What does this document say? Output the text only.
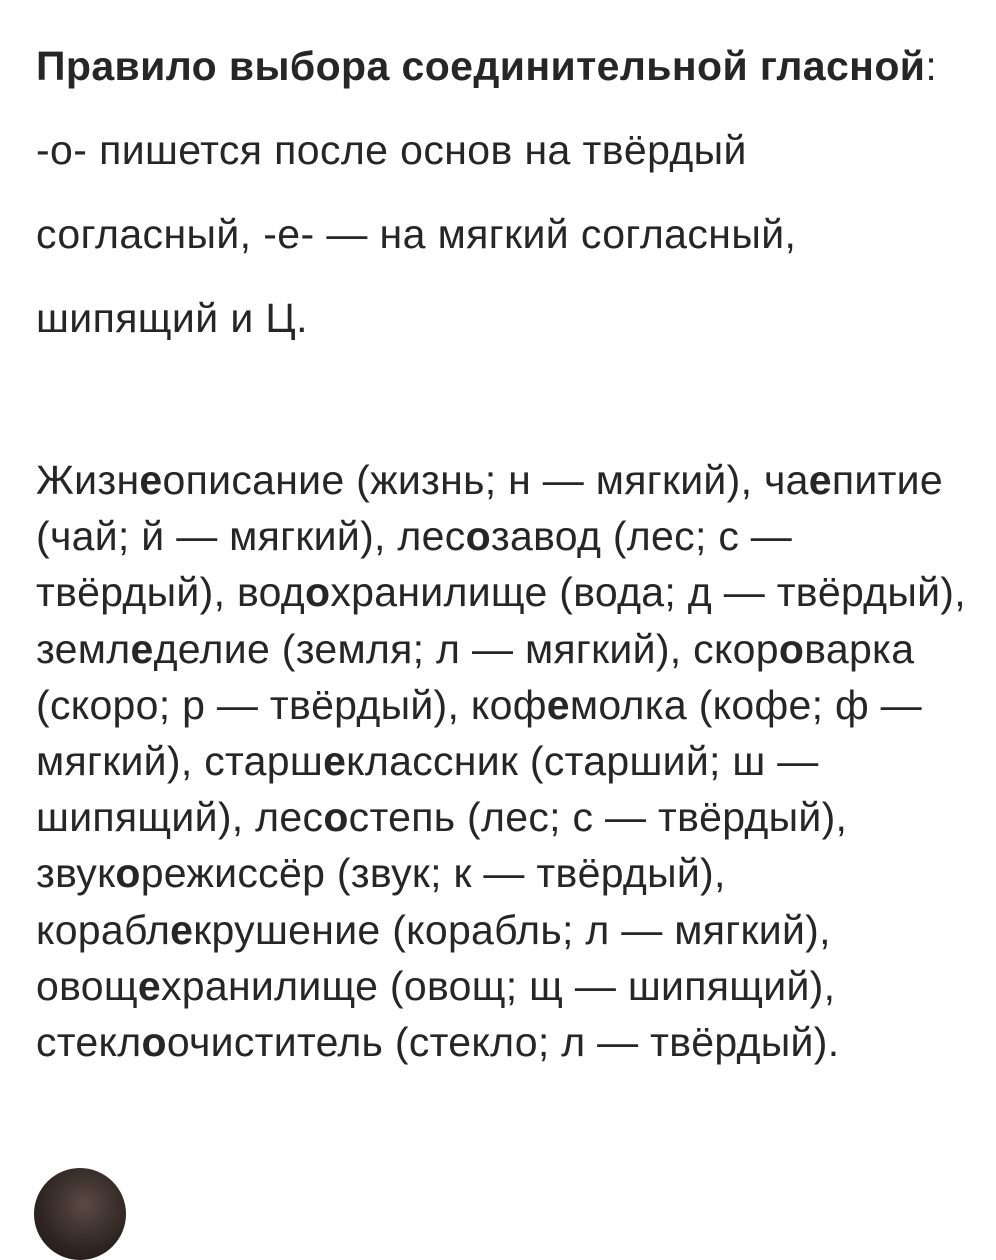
Правило выбора соединительной гласной: -о- пишется после основ на твёрдый согласный, -е- — на мягкий согласный, шипящий и Ц.

Жизнеописание (жизнь; н — мягкий), чаепитие (чай; й — мягкий), лесозавод (лес; с — твёрдый), водохранилище (вода; д — твёрдый), земледелие (земля; л — мягкий), скороварка (скоро; р — твёрдый), кофемолка (кофе; ф — мягкий), старшеклассник (старший; ш — шипящий), лесостепь (лес; с — твёрдый), звукорежиссёр (звук; к — твёрдый), кораблекрушение (корабль; л — мягкий), овощехранилище (овощ; щ — шипящий), стеклоочиститель (стекло; л — твёрдый).
